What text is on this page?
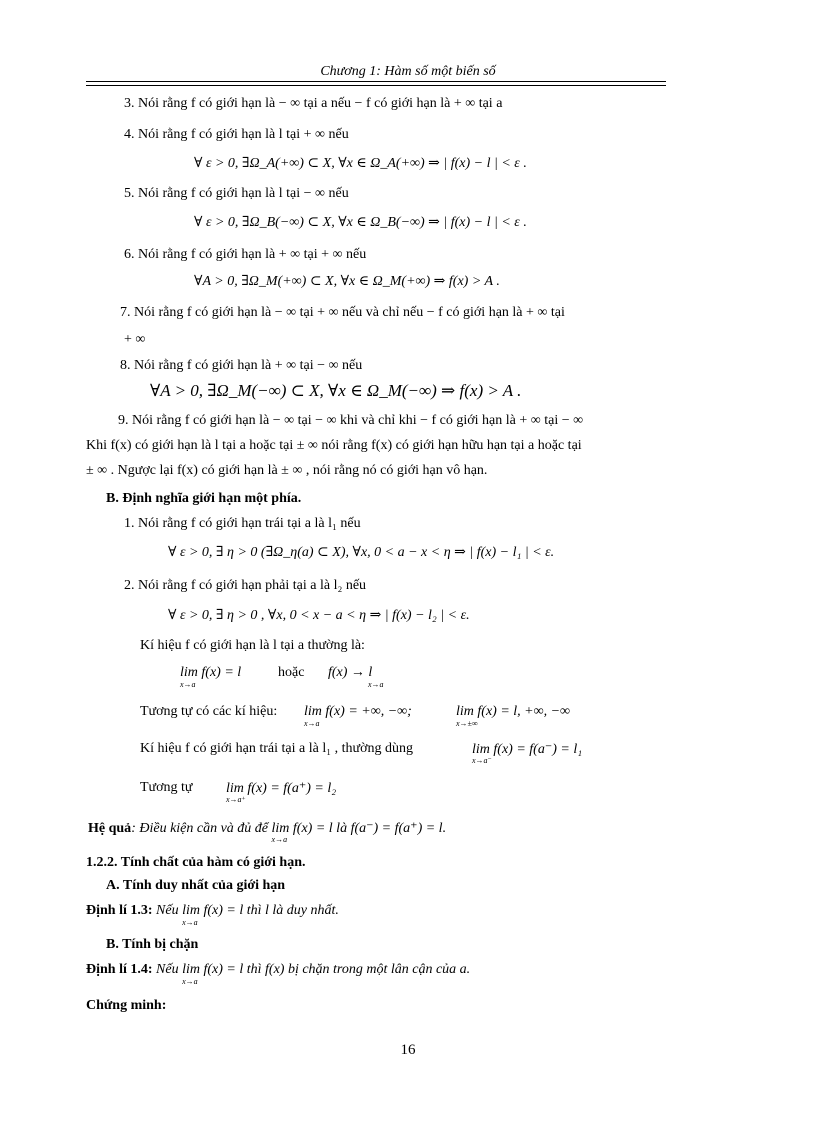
Chương 1: Hàm số một biến số
3. Nói rằng f có giới hạn là − ∞ tại a nếu − f có giới hạn là + ∞ tại a
4. Nói rằng f có giới hạn là l tại + ∞ nếu
∀ ε > 0, ∃Ω_A(+∞) ⊂ X, ∀x ∈ Ω_A(+∞) ⇒ | f(x) − l | < ε .
5. Nói rằng f có giới hạn là l tại − ∞ nếu
∀ ε > 0, ∃Ω_B(−∞) ⊂ X, ∀x ∈ Ω_B(−∞) ⇒ | f(x) − l | < ε .
6. Nói rằng f có giới hạn là + ∞ tại + ∞ nếu
∀A > 0, ∃Ω_M(+∞) ⊂ X, ∀x ∈ Ω_M(+∞) ⇒ f(x) > A .
7. Nói rằng f có giới hạn là − ∞ tại + ∞ nếu và chỉ nếu − f có giới hạn là + ∞ tại
+ ∞
8. Nói rằng f có giới hạn là + ∞ tại − ∞ nếu
∀A > 0, ∃Ω_M(−∞) ⊂ X, ∀x ∈ Ω_M(−∞) ⇒ f(x) > A .
9. Nói rằng f có giới hạn là − ∞ tại − ∞ khi và chỉ khi − f có giới hạn là + ∞ tại − ∞
Khi f(x) có giới hạn là l tại a hoặc tại ± ∞ nói rằng f(x) có giới hạn hữu hạn tại a hoặc tại
± ∞ . Ngược lại f(x) có giới hạn là ± ∞ , nói rằng nó có giới hạn vô hạn.
B. Định nghĩa giới hạn một phía.
1. Nói rằng f có giới hạn trái tại a là l₁ nếu
∀ ε > 0, ∃ η > 0 (∃Ω_η(a) ⊂ X), ∀x, 0 < a − x < η ⇒ | f(x) − l₁ | < ε.
2. Nói rằng f có giới hạn phải tại a là l₂ nếu
∀ ε > 0, ∃ η > 0 , ∀x, 0 < x − a < η ⇒ | f(x) − l₂ | < ε.
Kí hiệu f có giới hạn là l tại a thường là:
lim f(x) = l
x→a
hoặc f(x) → l
x→a
Tương tự có các kí hiệu: lim f(x) = +∞, −∞;
x→a
lim f(x) = l, +∞, −∞
x→±∞
Kí hiệu f có giới hạn trái tại a là l₁ , thường dùng	lim f(x) = f(a⁻) = l₁
x→a⁻
Tương tự lim f(x) = f(a⁺) = l₂
x→a⁺
Hệ quả: Điều kiện cần và đủ để lim f(x) = l là f(a⁻) = f(a⁺) = l.
x→a
1.2.2. Tính chất của hàm có giới hạn.
A. Tính duy nhất của giới hạn
Định lí 1.3: Nếu lim f(x) = l thì l là duy nhất.
x→a
B. Tính bị chặn
Định lí 1.4: Nếu lim f(x) = l thì f(x) bị chặn trong một lân cận của a.
x→a
Chứng minh:
16
